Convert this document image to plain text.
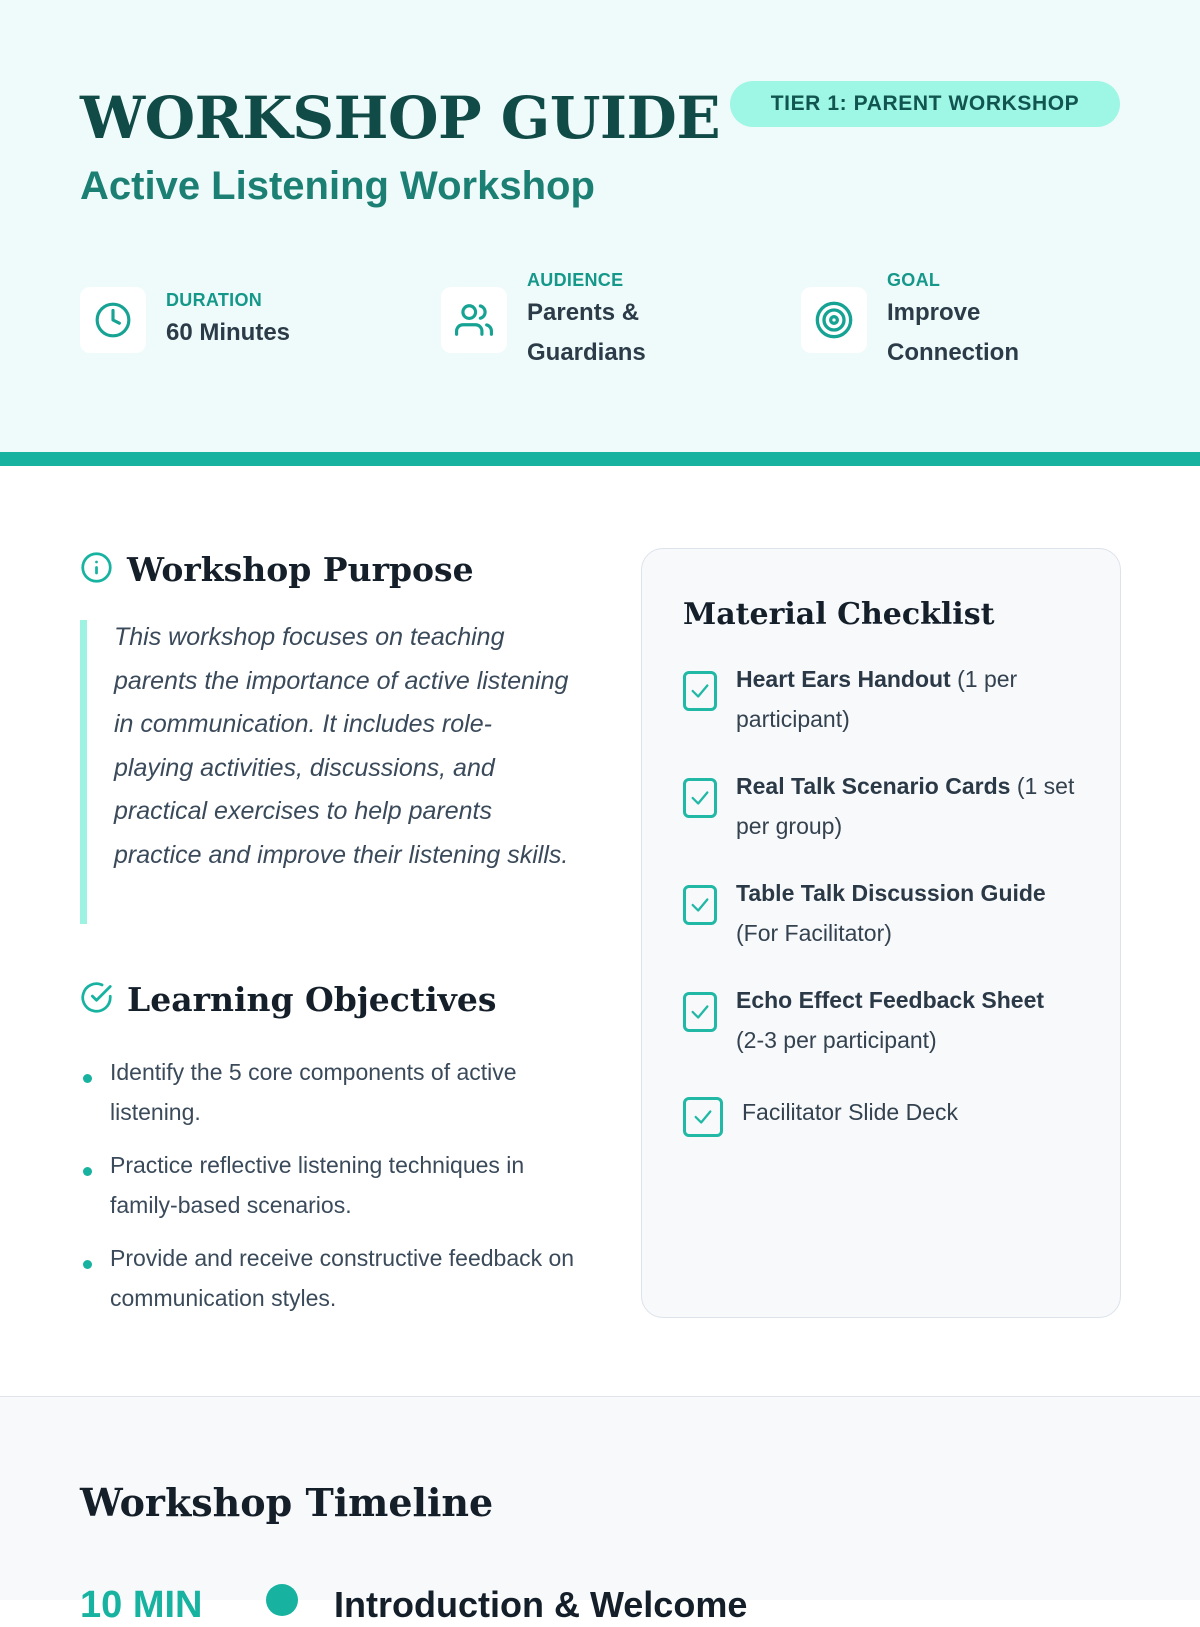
WORKSHOP GUIDE
Active Listening Workshop
TIER 1: PARENT WORKSHOP
DURATION
60 Minutes
AUDIENCE
Parents &
Guardians
GOAL
Improve
Connection
Workshop Purpose

This workshop focuses on teaching parents the importance of active listening in communication. It includes role-playing activities, discussions, and practical exercises to help parents practice and improve their listening skills.

Learning Objectives
Identify the 5 core components of active listening.
Practice reflective listening techniques in family-based scenarios.
Provide and receive constructive feedback on communication styles.
Material Checklist
Heart Ears Handout (1 per participant)
Real Talk Scenario Cards (1 set per group)
Table Talk Discussion Guide (For Facilitator)
Echo Effect Feedback Sheet (2-3 per participant)
Facilitator Slide Deck
Workshop Timeline
10 MIN	Introduction & Welcome
